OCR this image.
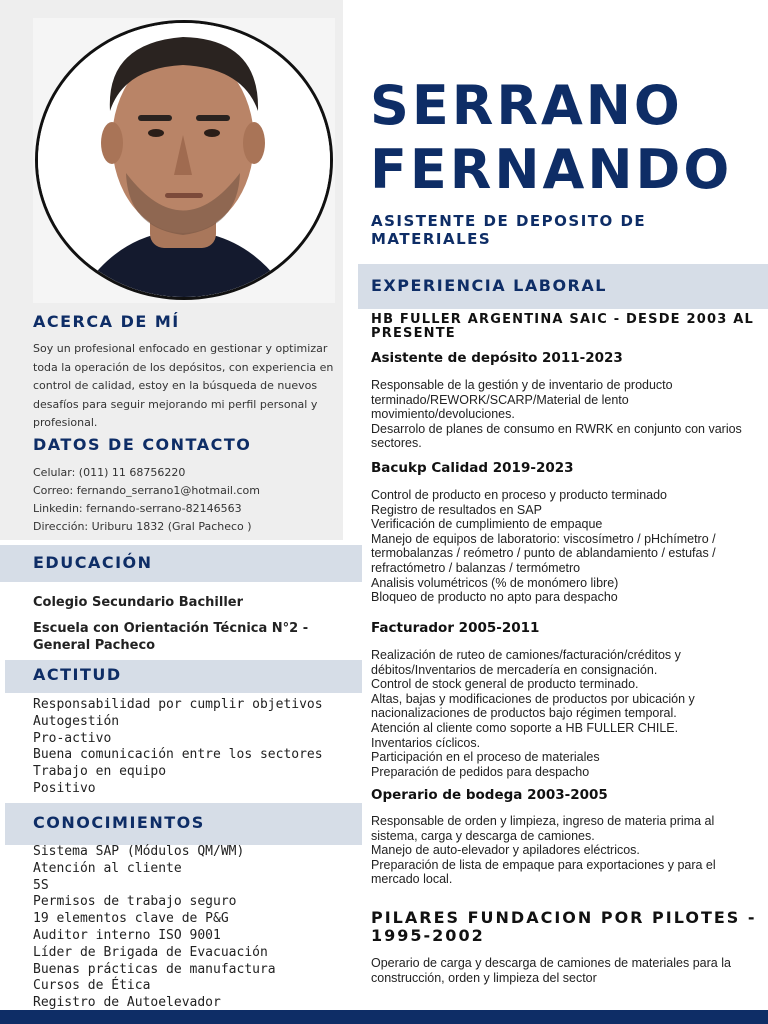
SERRANO
FERNANDO
ASISTENTE DE DEPOSITO DE MATERIALES
ACERCA DE MÍ
Soy un profesional enfocado en gestionar y optimizar toda la operación de los depósitos, con experiencia en control de calidad, estoy en la búsqueda de nuevos desafíos para seguir mejorando mi perfil personal y profesional.
DATOS DE CONTACTO
Celular: (011) 11 68756220
Correo: fernando_serrano1@hotmail.com
Linkedin: fernando-serrano-82146563
Dirección: Uriburu 1832 (Gral Pacheco )
EDUCACIÓN
Colegio Secundario Bachiller
Escuela con Orientación Técnica N°2 - General Pacheco
ACTITUD
Responsabilidad por cumplir objetivos
Autogestión
Pro-activo
Buena comunicación entre los sectores
Trabajo en equipo
Positivo
CONOCIMIENTOS
Sistema SAP (Módulos QM/WM)
Atención al cliente
5S
Permisos de trabajo seguro
19 elementos clave de P&G
Auditor interno ISO 9001
Líder de Brigada de Evacuación
Buenas prácticas de manufactura
Cursos de Ética
Registro de Autoelevador
EXPERIENCIA LABORAL
HB FULLER ARGENTINA SAIC - DESDE 2003 AL PRESENTE
Asistente de depósito 2011-2023
Responsable de la gestión y de inventario de producto terminado/REWORK/SCARP/Material de lento movimiento/devoluciones.
Desarrolo de planes de consumo en RWRK en conjunto con varios sectores.
Bacukp Calidad 2019-2023
Control de producto en proceso y producto terminado
Registro de resultados en SAP
Verificación de cumplimiento de empaque
Manejo de equipos de laboratorio: viscosímetro / pHchímetro / termobalanzas / reómetro / punto de ablandamiento / estufas / refractómetro / balanzas / termómetro
Analisis volumétricos (% de monómero libre)
Bloqueo de producto no apto para despacho
Facturador 2005-2011
Realización de ruteo de camiones/facturación/créditos y débitos/Inventarios de mercadería en consignación.
Control de stock general de producto terminado.
Altas, bajas y modificaciones de productos por ubicación y nacionalizaciones de productos bajo régimen temporal.
Atención al cliente como soporte a HB FULLER CHILE.
Inventarios cíclicos.
Participación en el proceso de materiales
Preparación de pedidos para despacho
Operario de bodega 2003-2005
Responsable de orden y limpieza, ingreso de materia prima al sistema, carga y descarga de camiones.
Manejo de auto-elevador y apiladores eléctricos.
Preparación de lista de empaque para exportaciones y para el mercado local.
PILARES FUNDACION POR PILOTES - 1995-2002
Operario de carga y descarga de camiones de materiales para la construcción, orden y limpieza del sector
